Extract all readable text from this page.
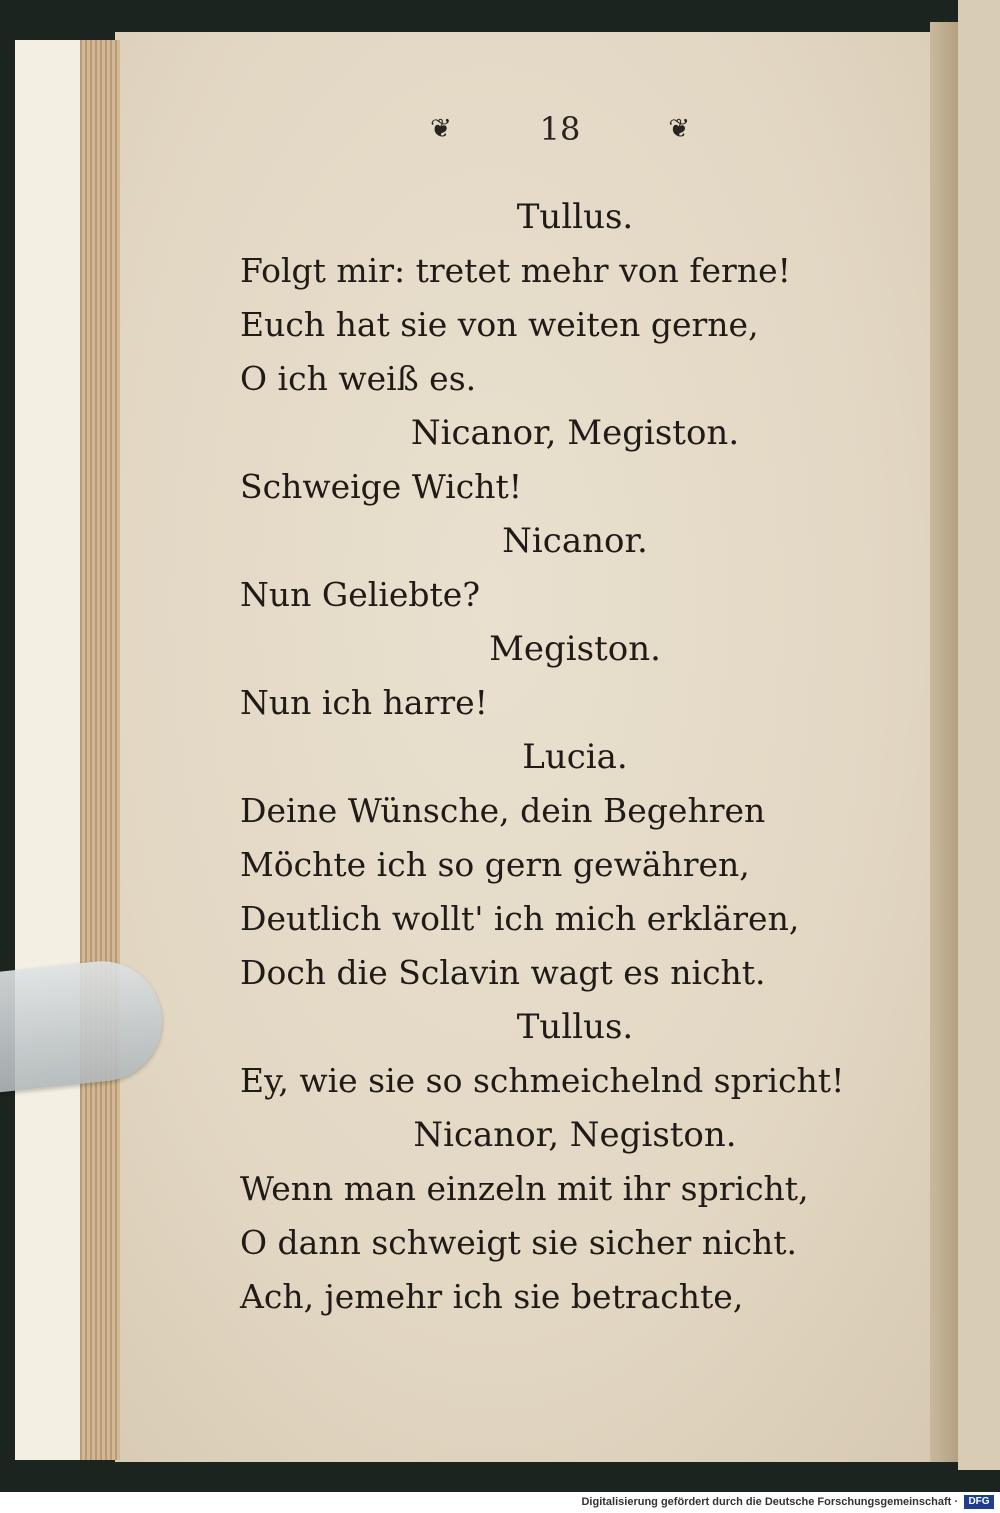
❦	18	❦
Tullus.
Folgt mir: tretet mehr von ferne!
Euch hat sie von weiten gerne,
O ich weiß es.
Nicanor, Megiston.
Schweige Wicht!
Nicanor.
Nun Geliebte?
Megiston.
Nun ich harre!
Lucia.
Deine Wünsche, dein Begehren
Möchte ich so gern gewähren,
Deutlich wollt' ich mich erklären,
Doch die Sclavin wagt es nicht.
Tullus.
Ey, wie sie so schmeichelnd spricht!
Nicanor, Negiston.
Wenn man einzeln mit ihr spricht,
O dann schweigt sie sicher nicht.
Ach, jemehr ich sie betrachte,
Digitalisierung gefördert durch die Deutsche Forschungsgemeinschaft ·	DFG
